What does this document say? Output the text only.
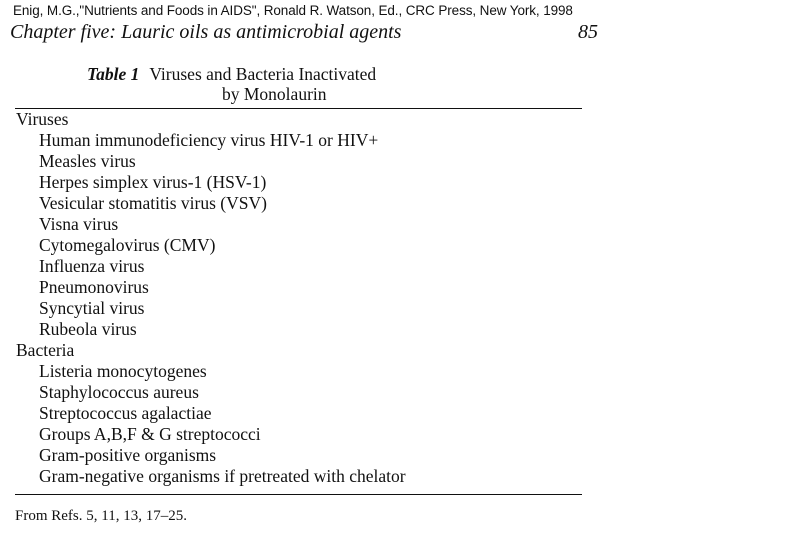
Enig, M.G.,"Nutrients and Foods in AIDS", Ronald R. Watson, Ed., CRC Press, New York, 1998
Chapter five: Lauric oils as antimicrobial agents	85
Table 1 Viruses and Bacteria Inactivated
by Monolaurin
Viruses
Human immunodeficiency virus HIV-1 or HIV+
Measles virus
Herpes simplex virus-1 (HSV-1)
Vesicular stomatitis virus (VSV)
Visna virus
Cytomegalovirus (CMV)
Influenza virus
Pneumonovirus
Syncytial virus
Rubeola virus
Bacteria
Listeria monocytogenes
Staphylococcus aureus
Streptococcus agalactiae
Groups A,B,F & G streptococci
Gram-positive organisms
Gram-negative organisms if pretreated with chelator
From Refs. 5, 11, 13, 17–25.
